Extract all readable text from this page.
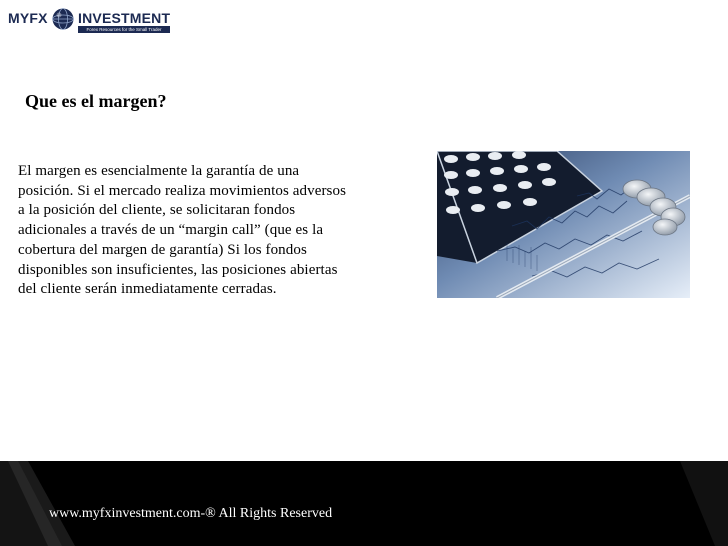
MYFX INVESTMENT
Forex Resources for the Small Trader
Que es el margen?

El margen es esencialmente la garantía de una
posición. Si el mercado realiza movimientos adversos
a la posición del cliente, se solicitaran fondos
adicionales a través de un “margin call” (que es la
cobertura del margen de garantía) Si los fondos
disponibles son insuficientes, las posiciones abiertas
del cliente serán inmediatamente cerradas.

www.myfxinvestment.com-® All Rights Reserved
